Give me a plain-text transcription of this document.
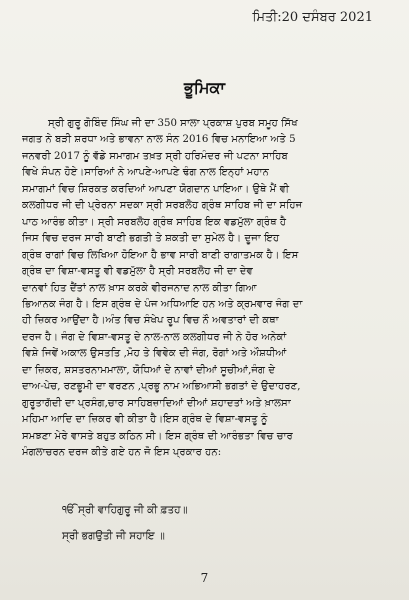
ਮਿਤੀ:20 ਦਸੰਬਰ 2021
ਭੂਮਿਕਾ
ਸ੍ਰੀ ਗੁਰੂ ਗੋਬਿੰਦ ਸਿੰਘ ਜੀ ਦਾ 350 ਸਾਲਾ ਪ੍ਰਕਾਸ਼ ਪੁਰਬ ਸਮੂਹ ਸਿੱਖ
ਜਗਤ ਨੇ ਬੜੀ ਸ਼ਰਧਾ ਅਤੇ ਭਾਵਨਾ ਨਾਲ ਸੰਨ 2016 ਵਿਚ ਮਨਾਇਆ ਅਤੇ 5
ਜਨਵਰੀ 2017 ਨੂੰ ਵੱਡੇ ਸਮਾਗਮ ਤਖ਼ਤ ਸ੍ਰੀ ਹਰਿਮੰਦਰ ਜੀ ਪਟਨਾ ਸਾਹਿਬ
ਵਿਖੇ ਸੰਪਨ ਹੋਏ।ਸਾਰਿਆਂ ਨੇ ਆਪਣੇ-ਆਪਣੇ ਢੰਗ ਨਾਲ ਇਨ੍ਹਾਂ ਮਹਾਨ
ਸਮਾਗਮਾਂ ਵਿਚ ਸ਼ਿਰਕਤ ਕਰਦਿਆਂ ਆਪਣਾ ਯੋਗਦਾਨ ਪਾਇਆ। ਉਥੇ ਮੈਂ ਵੀ
ਕਲਗੀਧਰ ਜੀ ਦੀ ਪ੍ਰੇਰਨਾ ਸਦਕਾ ਸ੍ਰੀ ਸਰਬਲੋਹ ਗ੍ਰੰਥ ਸਾਹਿਬ ਜੀ ਦਾ ਸਹਿਜ
ਪਾਠ ਆਰੰਭ ਕੀਤਾ। ਸ੍ਰੀ ਸਰਬਲੋਹ ਗ੍ਰੰਥ ਸਾਹਿਬ ਇਕ ਵਡਮੁੱਲਾ ਗ੍ਰੰਥ ਹੈ
ਜਿਸ ਵਿਚ ਦਰਜ ਸਾਰੀ ਬਾਣੀ ਭਗਤੀ ਤੇ ਸ਼ਕਤੀ ਦਾ ਸੁਮੇਲ ਹੈ। ਦੂਜਾ ਇਹ
ਗ੍ਰੰਥ ਰਾਗਾਂ ਵਿਚ ਲਿਖਿਆ ਹੋਇਆ ਹੈ ਭਾਵ ਸਾਰੀ ਬਾਣੀ ਰਾਗਾਤਮਕ ਹੈ। ਇਸ
ਗ੍ਰੰਥ ਦਾ ਵਿਸ਼ਾ-ਵਸਤੂ ਵੀ ਵਡਮੁੱਲਾ ਹੈ ਸ੍ਰੀ ਸਰਬਲੋਹ ਜੀ ਦਾ ਦੇਵ
ਦਾਨਵਾਂ ਹਿਤ ਦੈਂਤਾਂ ਨਾਲ ਖ਼ਾਸ ਕਰਕੇ ਵੀਰਜਨਾਦ ਨਾਲ ਕੀਤਾ ਗਿਆ
ਭਿਆਨਕ ਜੰਗ ਹੈ। ਇਸ ਗ੍ਰੰਥ ਦੇ ਪੰਜ ਅਧਿਆਇ ਹਨ ਅਤੇ ਕ੍ਰਮਵਾਰ ਜੰਗ ਦਾ
ਹੀ ਜ਼ਿਕਰ ਆਉਂਦਾ ਹੈ।ਅੰਤ ਵਿਚ ਸੰਖੇਪ ਰੂਪ ਵਿਚ ਨੌ ਅਵਤਾਰਾਂ ਦੀ ਕਥਾ
ਦਰਜ ਹੈ। ਜੰਗ ਦੇ ਵਿਸ਼ਾ-ਵਸਤੂ ਦੇ ਨਾਲ-ਨਾਲ ਕਲਗੀਧਰ ਜੀ ਨੇ ਹੋਰ ਅਨੇਕਾਂ
ਵਿਸ਼ੇ ਜਿਵੇਂ ਅਕਾਲ ਉਸਤਤਿ ,ਮੋਹ ਤੇ ਵਿਵੇਕ ਦੀ ਜੰਗ, ਰੋਗਾਂ ਅਤੇ ਔਸ਼ਧੀਆਂ
ਦਾ ਜ਼ਿਕਰ, ਸ਼ਸਤਰਨਾਮਮਾਲਾ, ਯੋਧਿਆਂ ਦੇ ਨਾਵਾਂ ਦੀਆਂ ਸੂਚੀਆਂ,ਜੰਗ ਦੇ
ਦਾਅ-ਪੇਚ, ਰਣਭੂਮੀ ਦਾ ਵਰਣਨ ,ਪ੍ਰਭੂ ਨਾਮ ਅਭਿਆਸੀ ਭਗਤਾਂ ਦੇ ਉਦਾਹਰਣ,
ਗੁਰੂਤਾਗੱਦੀ ਦਾ ਪ੍ਰਸੰਗ,ਚਾਰ ਸਾਹਿਬਜ਼ਾਦਿਆਂ ਦੀਆਂ ਸ਼ਹਾਦਤਾਂ ਅਤੇ ਖ਼ਾਲਸਾ
ਮਹਿਮਾ ਆਦਿ ਦਾ ਜ਼ਿਕਰ ਵੀ ਕੀਤਾ ਹੈ।ਇਸ ਗ੍ਰੰਥ ਦੇ ਵਿਸ਼ਾ-ਵਸਤੂ ਨੂੰ
ਸਮਝਣਾ ਮੇਰੇ ਵਾਸਤੇ ਬਹੁਤ ਕਠਿਨ ਸੀ। ਇਸ ਗ੍ਰੰਥ ਦੀ ਆਰੰਭਤਾ ਵਿਚ ਚਾਰ
ਮੰਗਲਾਚਰਨ ਦਰਜ ਕੀਤੇ ਗਏ ਹਨ ਜੋ ਇਸ ਪ੍ਰਕਾਰ ਹਨ:
ੴ ਸ੍ਰੀ ਵਾਹਿਗੁਰੂ ਜੀ ਕੀ ਫ਼ਤਹ॥
ਸ੍ਰੀ ਭਗਉਤੀ ਜੀ ਸਹਾਇ ॥
7
